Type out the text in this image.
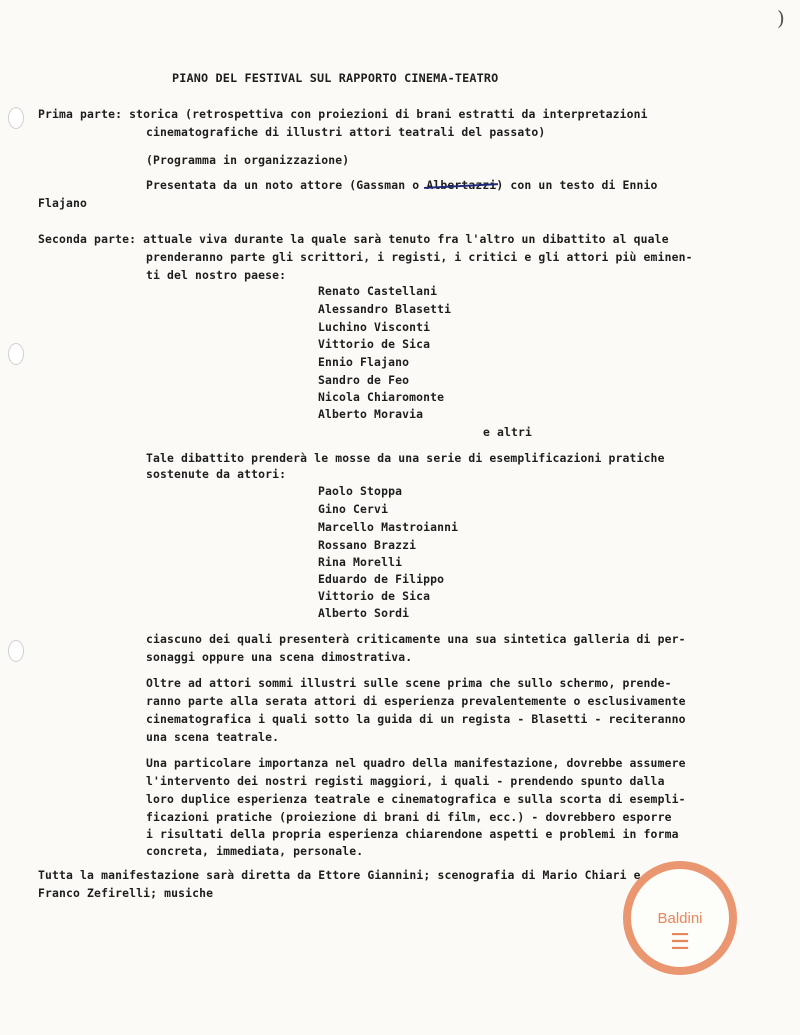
)
PIANO DEL FESTIVAL SUL RAPPORTO CINEMA-TEATRO
Prima parte: storica (retrospettiva con proiezioni di brani estratti da interpretazioni
cinematografiche di illustri attori teatrali del passato)
(Programma in organizzazione)
Presentata da un noto attore (Gassman o Albertazzi) con un testo di Ennio
Flajano
Seconda parte: attuale viva durante la quale sarà tenuto fra l'altro un dibattito al quale
prenderanno parte gli scrittori, i registi, i critici e gli attori più eminen-
ti del nostro paese:
Renato Castellani
Alessandro Blasetti
Luchino Visconti
Vittorio de Sica
Ennio Flajano
Sandro de Feo
Nicola Chiaromonte
Alberto Moravia
e altri
Tale dibattito prenderà le mosse da una serie di esemplificazioni pratiche
sostenute da attori:
Paolo Stoppa
Gino Cervi
Marcello Mastroianni
Rossano Brazzi
Rina Morelli
Eduardo de Filippo
Vittorio de Sica
Alberto Sordi
ciascuno dei quali presenterà criticamente una sua sintetica galleria di per-
sonaggi oppure una scena dimostrativa.
Oltre ad attori sommi illustri sulle scene prima che sullo schermo, prende-
ranno parte alla serata attori di esperienza prevalentemente o esclusivamente
cinematografica i quali sotto la guida di un regista - Blasetti - reciteranno
una scena teatrale.
Una particolare importanza nel quadro della manifestazione, dovrebbe assumere
l'intervento dei nostri registi maggiori, i quali - prendendo spunto dalla
loro duplice esperienza teatrale e cinematografica e sulla scorta di esempli-
ficazioni pratiche (proiezione di brani di film, ecc.) - dovrebbero esporre
i risultati della propria esperienza chiarendone aspetti e problemi in forma
concreta, immediata, personale.
Tutta la manifestazione sarà diretta da Ettore Giannini; scenografia di Mario Chiari e
Franco Zefirelli; musiche
Baldini
☰
